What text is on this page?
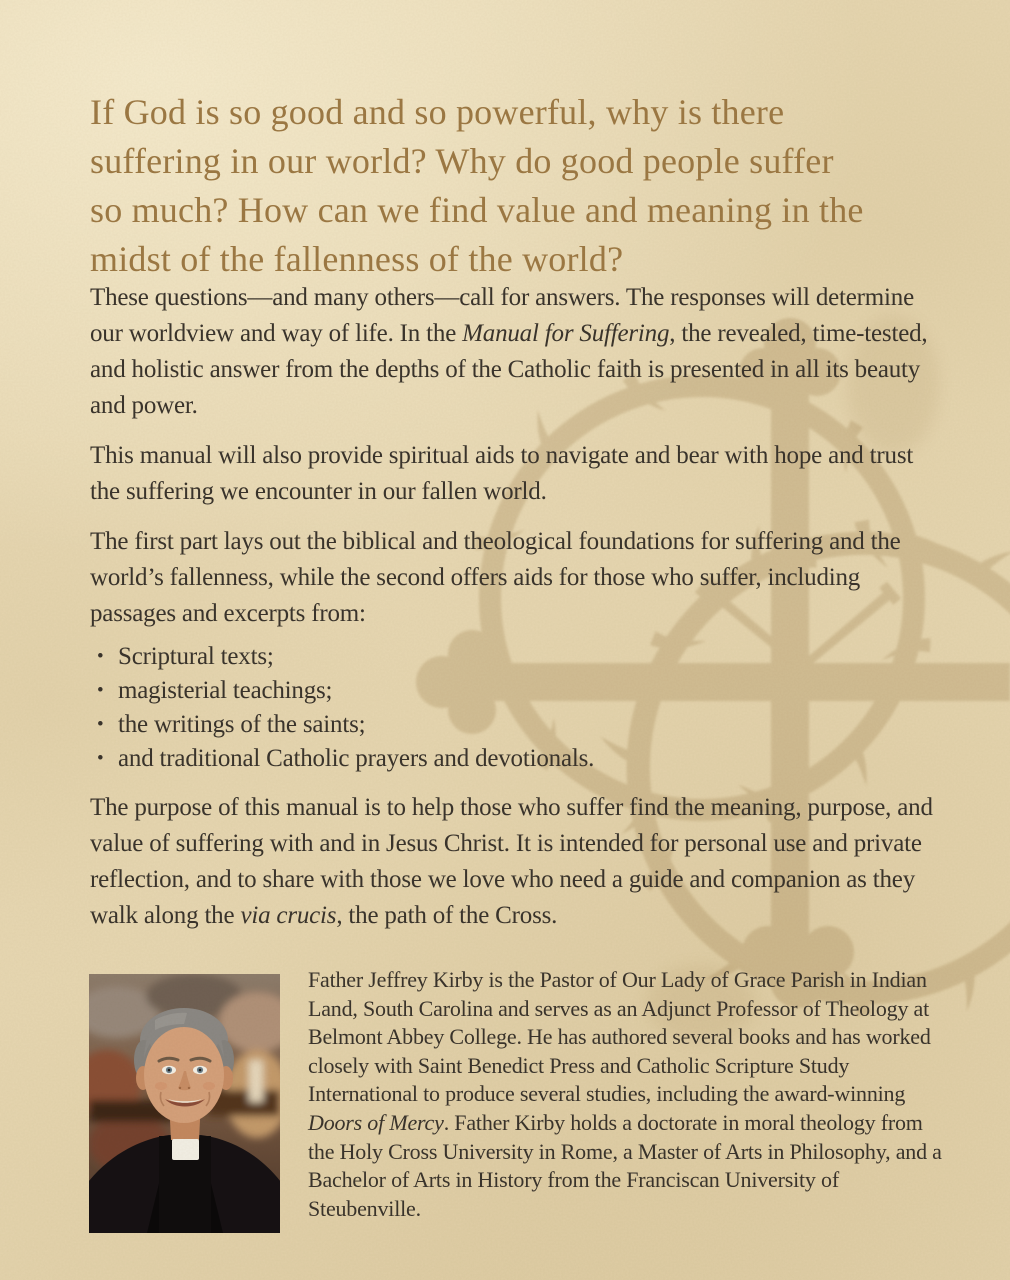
If God is so good and so powerful, why is there
suffering in our world? Why do good people suffer
so much? How can we find value and meaning in the
midst of the fallenness of the world?

These questions—and many others—call for answers. The responses will determine our worldview and way of life. In the Manual for Suffering, the revealed, time-tested, and holistic answer from the depths of the Catholic faith is presented in all its beauty and power.

This manual will also provide spiritual aids to navigate and bear with hope and trust the suffering we encounter in our fallen world.

The first part lays out the biblical and theological foundations for suffering and the world’s fallenness, while the second offers aids for those who suffer, including passages and excerpts from:

• Scriptural texts;
• magisterial teachings;
• the writings of the saints;
• and traditional Catholic prayers and devotionals.

The purpose of this manual is to help those who suffer find the meaning, purpose, and value of suffering with and in Jesus Christ. It is intended for personal use and private reflection, and to share with those we love who need a guide and companion as they walk along the via crucis, the path of the Cross.

Father Jeffrey Kirby is the Pastor of Our Lady of Grace Parish in Indian Land, South Carolina and serves as an Adjunct Professor of Theology at Belmont Abbey College. He has authored several books and has worked closely with Saint Benedict Press and Catholic Scripture Study International to produce several studies, including the award-winning Doors of Mercy. Father Kirby holds a doctorate in moral theology from the Holy Cross University in Rome, a Master of Arts in Philosophy, and a Bachelor of Arts in History from the Franciscan University of Steubenville.
